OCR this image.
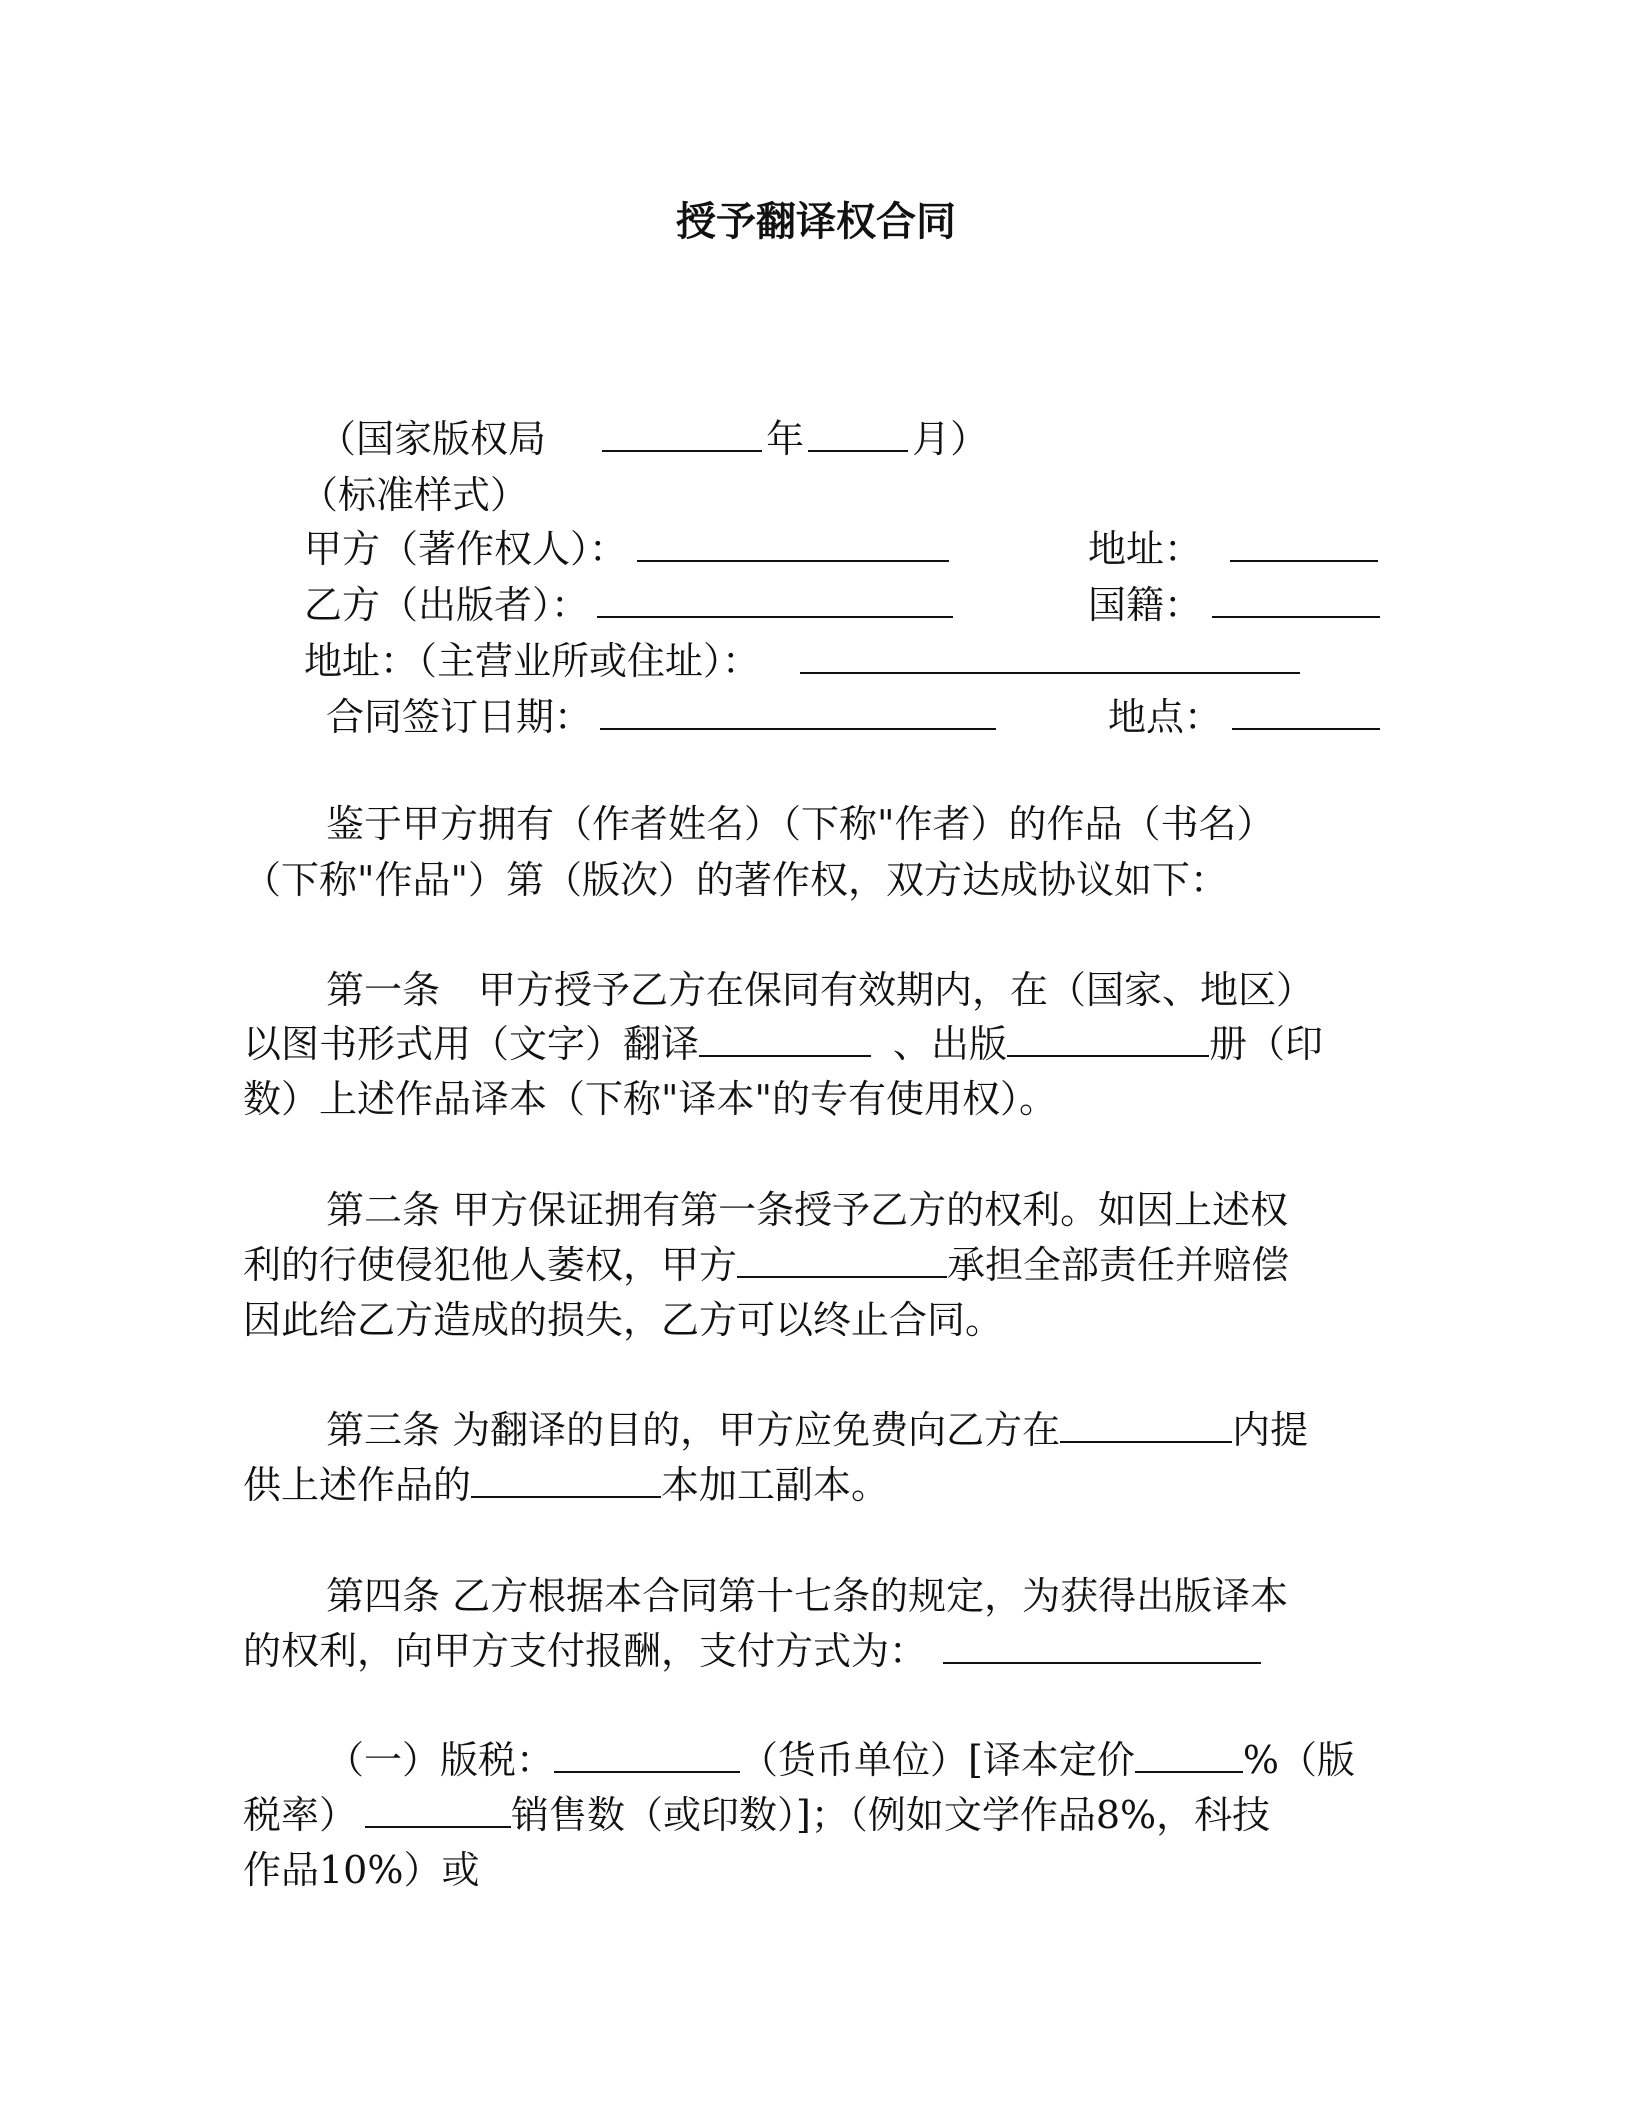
授予翻译权合同
（国家版权局	年	月）
（标准样式）
甲方（著作权人）：	地址：
乙方（出版者）：	国籍：
地址：（主营业所或住址）：
合同签订日期：	地点：
鉴于甲方拥有（作者姓名）（下称"作者）的作品（书名）
（下称"作品"）第（版次）的著作权，双方达成协议如下：
第一条　甲方授予乙方在保同有效期内，在（国家、地区）
以图书形式用（文字）翻译	、出版	册（印
数）上述作品译本（下称"译本"的专有使用权）。
第二条 甲方保证拥有第一条授予乙方的权利。如因上述权
利的行使侵犯他人萎权，甲方	承担全部责任并赔偿
因此给乙方造成的损失，乙方可以终止合同。
第三条 为翻译的目的，甲方应免费向乙方在	内提
供上述作品的	本加工副本。
第四条 乙方根据本合同第十七条的规定，为获得出版译本
的权利，向甲方支付报酬，支付方式为：
（一）版税：	（货币单位）[译本定价	%（版
税率）	销售数（或印数）]；（例如文学作品8%，科技
作品10%）或
